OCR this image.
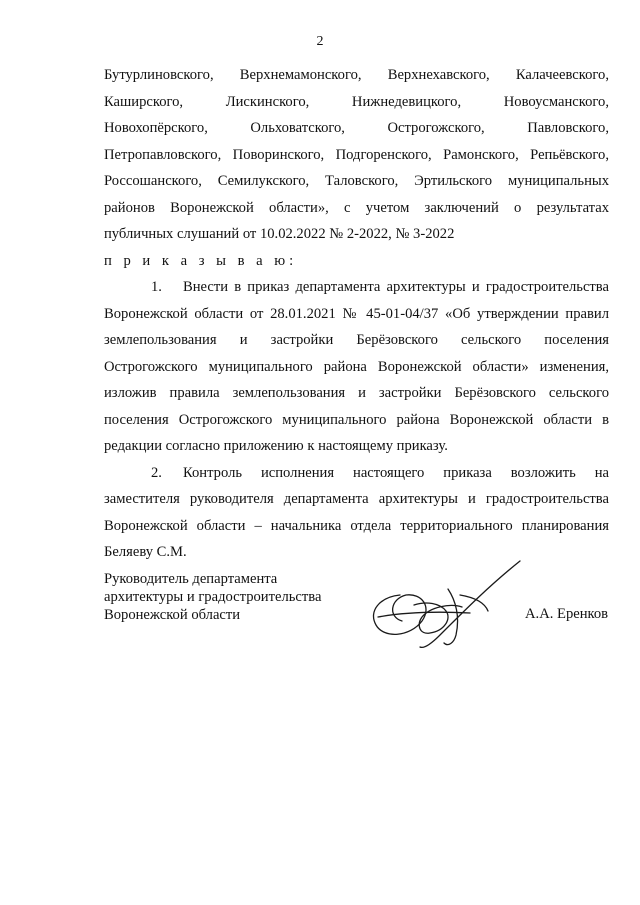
2
Бутурлиновского, Верхнемамонского, Верхнехавского, Калачеевского,
Каширского, Лискинского, Нижнедевицкого, Новоусманского,
Новохопёрского, Ольховатского, Острогожского, Павловского,
Петропавловского, Поворинского, Подгоренского, Рамонского, Репьёвского,
Россошанского, Семилукского, Таловского, Эртильского муниципальных
районов Воронежской области», с учетом заключений о результатах
публичных слушаний от 10.02.2022 № 2-2022, № 3-2022
п р и к а з ы в а ю:
1. Внести в приказ департамента архитектуры и градостроительства
Воронежской области от 28.01.2021 № 45-01-04/37 «Об утверждении правил
землепользования и застройки Берёзовского сельского поселения
Острогожского муниципального района Воронежской области» изменения,
изложив правила землепользования и застройки Берёзовского сельского
поселения Острогожского муниципального района Воронежской области в
редакции согласно приложению к настоящему приказу.
2. Контроль исполнения настоящего приказа возложить на
заместителя руководителя департамента архитектуры и градостроительства
Воронежской области – начальника отдела территориального планирования
Беляеву С.М.
Руководитель департамента
архитектуры и градостроительства
Воронежской области	А.А. Еренков
